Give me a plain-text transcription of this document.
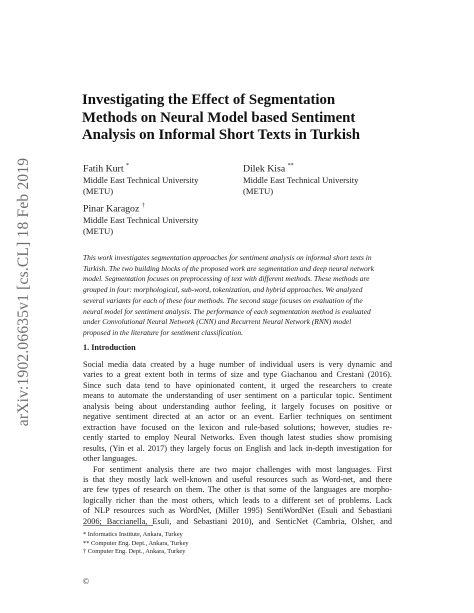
arXiv:1902.06635v1 [cs.CL] 18 Feb 2019
Investigating the Effect of Segmentation
Methods on Neural Model based Sentiment
Analysis on Informal Short Texts in Turkish
Fatih Kurt *
Middle East Technical University
(METU)
Dilek Kisa **
Middle East Technical University
(METU)
Pinar Karagoz †
Middle East Technical University
(METU)
This work investigates segmentation approaches for sentiment analysis on informal short texts in
Turkish. The two building blocks of the proposed work are segmentation and deep neural network
model. Segmentation focuses on preprocessing of text with different methods. These methods are
grouped in four: morphological, sub-word, tokenization, and hybrid approaches. We analyzed
several variants for each of these four methods. The second stage focuses on evaluation of the
neural model for sentiment analysis. The performance of each segmentation method is evaluated
under Convolutional Neural Network (CNN) and Recurrent Neural Network (RNN) model
proposed in the literature for sentiment classification.
1. Introduction
Social media data created by a huge number of individual users is very dynamic and
varies to a great extent both in terms of size and type Giachanou and Crestani (2016).
Since such data tend to have opinionated content, it urged the researchers to create
means to automate the understanding of user sentiment on a particular topic. Sentiment
analysis being about understanding author feeling, it largely focuses on positive or
negative sentiment directed at an actor or an event. Earlier techniques on sentiment
extraction have focused on the lexicon and rule-based solutions; however, studies re-
cently started to employ Neural Networks. Even though latest studies show promising
results, (Yin et al. 2017) they largely focus on English and lack in-depth investigation for
other languages.
For sentiment analysis there are two major challenges with most languages. First
is that they mostly lack well-known and useful resources such as Word-net, and there
are few types of research on them. The other is that some of the languages are morpho-
logically richer than the most others, which leads to a different set of problems. Lack
of NLP resources such as WordNet, (Miller 1995) SentiWordNet (Esuli and Sebastiani
2006; Baccianella, Esuli, and Sebastiani 2010), and SenticNet (Cambria, Olsher, and
* Informatics Institute, Ankara, Turkey
** Computer Eng. Dept., Ankara, Turkey
† Computer Eng. Dept., Ankara, Turkey
©
